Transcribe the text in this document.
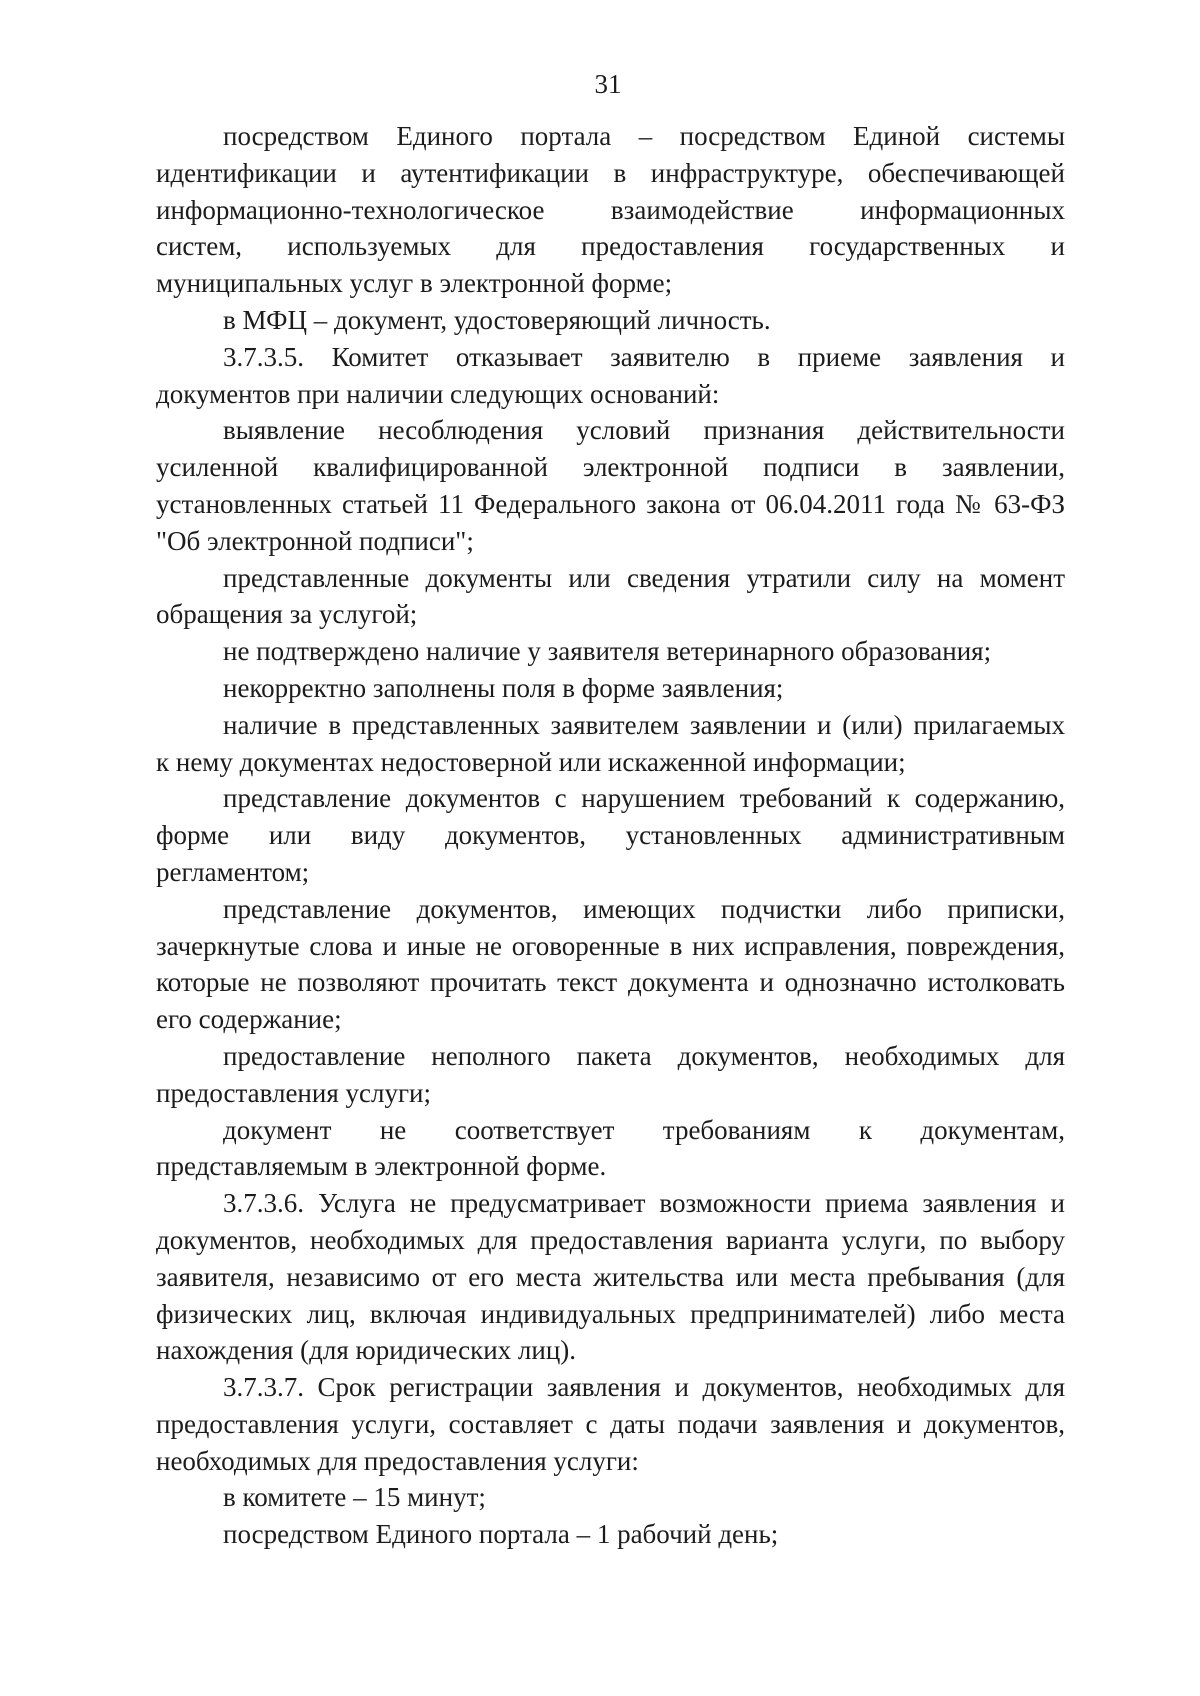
31
посредством Единого портала – посредством Единой системы
идентификации и аутентификации в инфраструктуре, обеспечивающей
информационно-технологическое взаимодействие информационных
систем, используемых для предоставления государственных и
муниципальных услуг в электронной форме;
в МФЦ – документ, удостоверяющий личность.
3.7.3.5. Комитет отказывает заявителю в приеме заявления и
документов при наличии следующих оснований:
выявление несоблюдения условий признания действительности
усиленной квалифицированной электронной подписи в заявлении,
установленных статьей 11 Федерального закона от 06.04.2011 года № 63-ФЗ
"Об электронной подписи";
представленные документы или сведения утратили силу на момент
обращения за услугой;
не подтверждено наличие у заявителя ветеринарного образования;
некорректно заполнены поля в форме заявления;
наличие в представленных заявителем заявлении и (или) прилагаемых
к нему документах недостоверной или искаженной информации;
представление документов с нарушением требований к содержанию,
форме или виду документов, установленных административным
регламентом;
представление документов, имеющих подчистки либо приписки,
зачеркнутые слова и иные не оговоренные в них исправления, повреждения,
которые не позволяют прочитать текст документа и однозначно истолковать
его содержание;
предоставление неполного пакета документов, необходимых для
предоставления услуги;
документ не соответствует требованиям к документам,
представляемым в электронной форме.
3.7.3.6. Услуга не предусматривает возможности приема заявления и
документов, необходимых для предоставления варианта услуги, по выбору
заявителя, независимо от его места жительства или места пребывания (для
физических лиц, включая индивидуальных предпринимателей) либо места
нахождения (для юридических лиц).
3.7.3.7. Срок регистрации заявления и документов, необходимых для
предоставления услуги, составляет с даты подачи заявления и документов,
необходимых для предоставления услуги:
в комитете – 15 минут;
посредством Единого портала – 1 рабочий день;
